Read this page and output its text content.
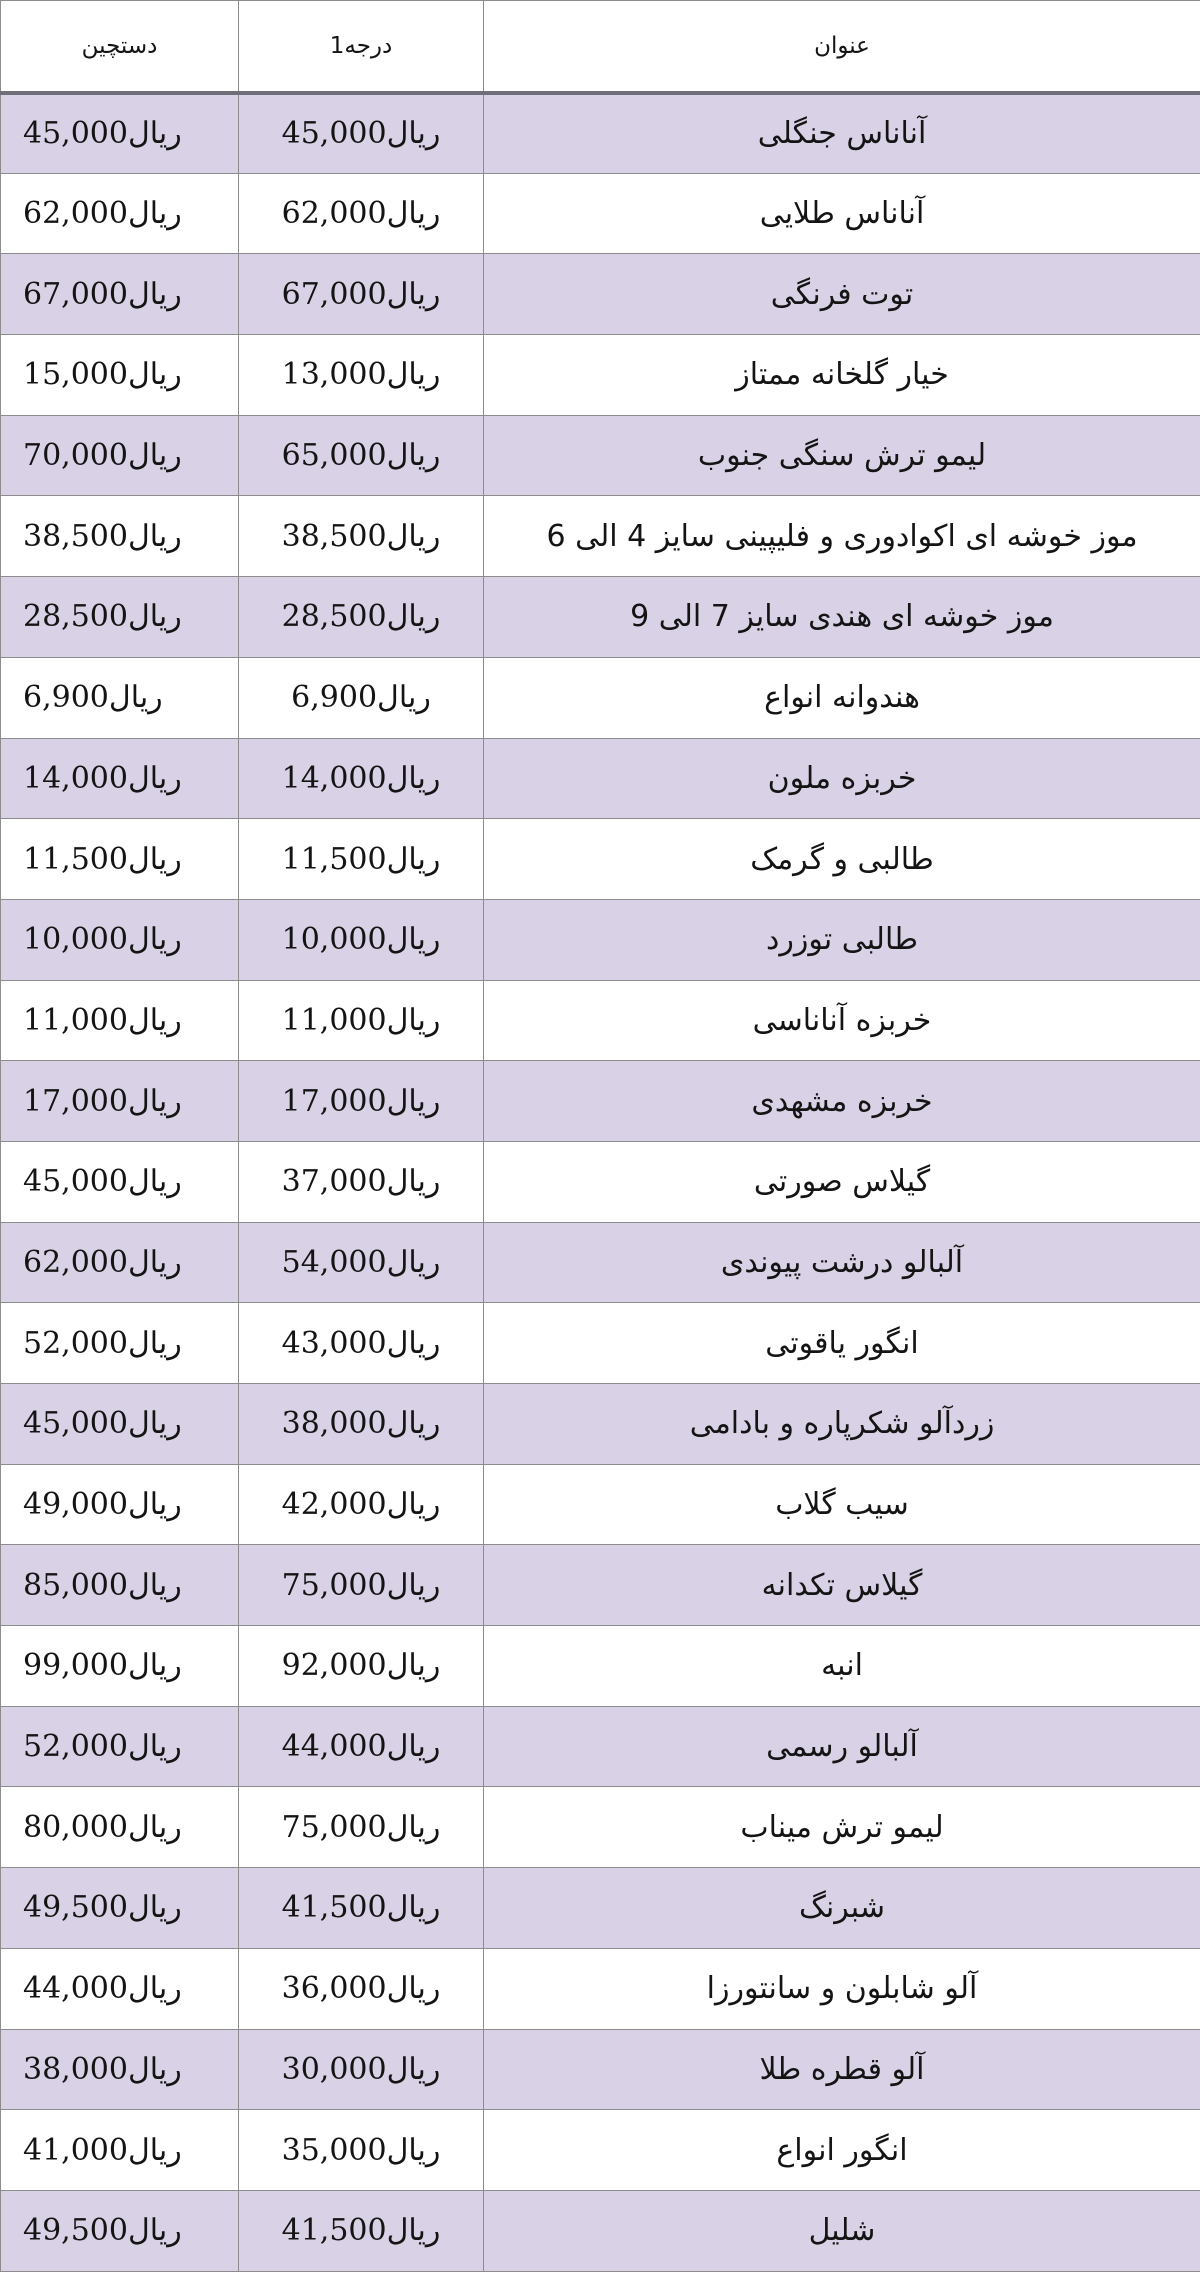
دستچین	درجه1	عنوان
45,000ریال	45,000ریال	آناناس جنگلی
62,000ریال	62,000ریال	آناناس طلایی
67,000ریال	67,000ریال	توت فرنگی
15,000ریال	13,000ریال	خیار گلخانه ممتاز
70,000ریال	65,000ریال	لیمو ترش سنگی جنوب
38,500ریال	38,500ریال	موز خوشه ای اکوادوری و فلیپینی سایز 4 الی 6
28,500ریال	28,500ریال	موز خوشه ای هندی سایز 7 الی 9
6,900ریال	6,900ریال	هندوانه انواع
14,000ریال	14,000ریال	خربزه ملون
11,500ریال	11,500ریال	طالبی و گرمک
10,000ریال	10,000ریال	طالبی توزرد
11,000ریال	11,000ریال	خربزه آناناسی
17,000ریال	17,000ریال	خربزه مشهدی
45,000ریال	37,000ریال	گیلاس صورتی
62,000ریال	54,000ریال	آلبالو درشت پیوندی
52,000ریال	43,000ریال	انگور یاقوتی
45,000ریال	38,000ریال	زردآلو شکرپاره و بادامی
49,000ریال	42,000ریال	سیب گلاب
85,000ریال	75,000ریال	گیلاس تکدانه
99,000ریال	92,000ریال	انبه
52,000ریال	44,000ریال	آلبالو رسمی
80,000ریال	75,000ریال	لیمو ترش میناب
49,500ریال	41,500ریال	شبرنگ
44,000ریال	36,000ریال	آلو شابلون و سانتورزا
38,000ریال	30,000ریال	آلو قطره طلا
41,000ریال	35,000ریال	انگور انواع
49,500ریال	41,500ریال	شلیل
